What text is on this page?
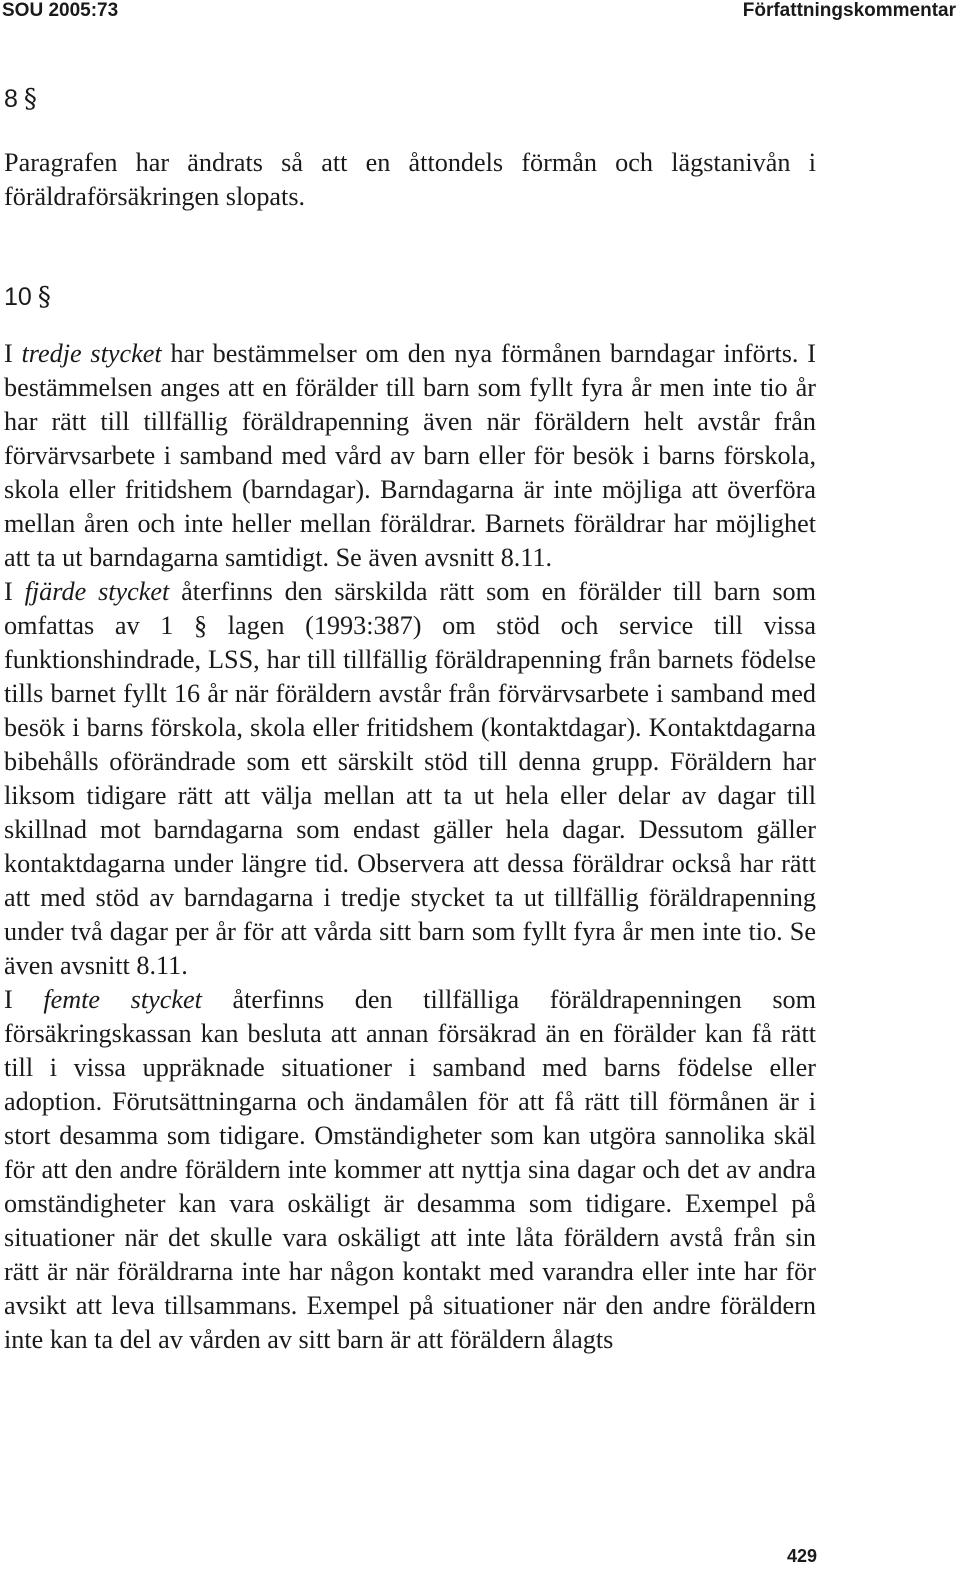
SOU 2005:73	Författningskommentar
8 §

Paragrafen har ändrats så att en åttondels förmån och lägstanivån i föräldraförsäkringen slopats.

10 §

I tredje stycket har bestämmelser om den nya förmånen barndagar införts. I bestämmelsen anges att en förälder till barn som fyllt fyra år men inte tio år har rätt till tillfällig föräldrapenning även när föräldern helt avstår från förvärvsarbete i samband med vård av barn eller för besök i barns förskola, skola eller fritidshem (barndagar). Barndagarna är inte möjliga att överföra mellan åren och inte heller mellan föräldrar. Barnets föräldrar har möjlighet att ta ut barndagarna samtidigt. Se även avsnitt 8.11.

I fjärde stycket återfinns den särskilda rätt som en förälder till barn som omfattas av 1 § lagen (1993:387) om stöd och service till vissa funktionshindrade, LSS, har till tillfällig föräldrapenning från barnets födelse tills barnet fyllt 16 år när föräldern avstår från förvärvsarbete i samband med besök i barns förskola, skola eller fritidshem (kontaktdagar). Kontaktdagarna bibehålls oförändrade som ett särskilt stöd till denna grupp. Föräldern har liksom tidigare rätt att välja mellan att ta ut hela eller delar av dagar till skillnad mot barndagarna som endast gäller hela dagar. Dessutom gäller kontaktdagarna under längre tid. Observera att dessa föräldrar också har rätt att med stöd av barndagarna i tredje stycket ta ut tillfällig föräldrapenning under två dagar per år för att vårda sitt barn som fyllt fyra år men inte tio. Se även avsnitt 8.11.

I femte stycket återfinns den tillfälliga föräldrapenningen som försäkringskassan kan besluta att annan försäkrad än en förälder kan få rätt till i vissa uppräknade situationer i samband med barns födelse eller adoption. Förutsättningarna och ändamålen för att få rätt till förmånen är i stort desamma som tidigare. Omständigheter som kan utgöra sannolika skäl för att den andre föräldern inte kommer att nyttja sina dagar och det av andra omständigheter kan vara oskäligt är desamma som tidigare. Exempel på situationer när det skulle vara oskäligt att inte låta föräldern avstå från sin rätt är när föräldrarna inte har någon kontakt med varandra eller inte har för avsikt att leva tillsammans. Exempel på situationer när den andre föräldern inte kan ta del av vården av sitt barn är att föräldern ålagts

429
